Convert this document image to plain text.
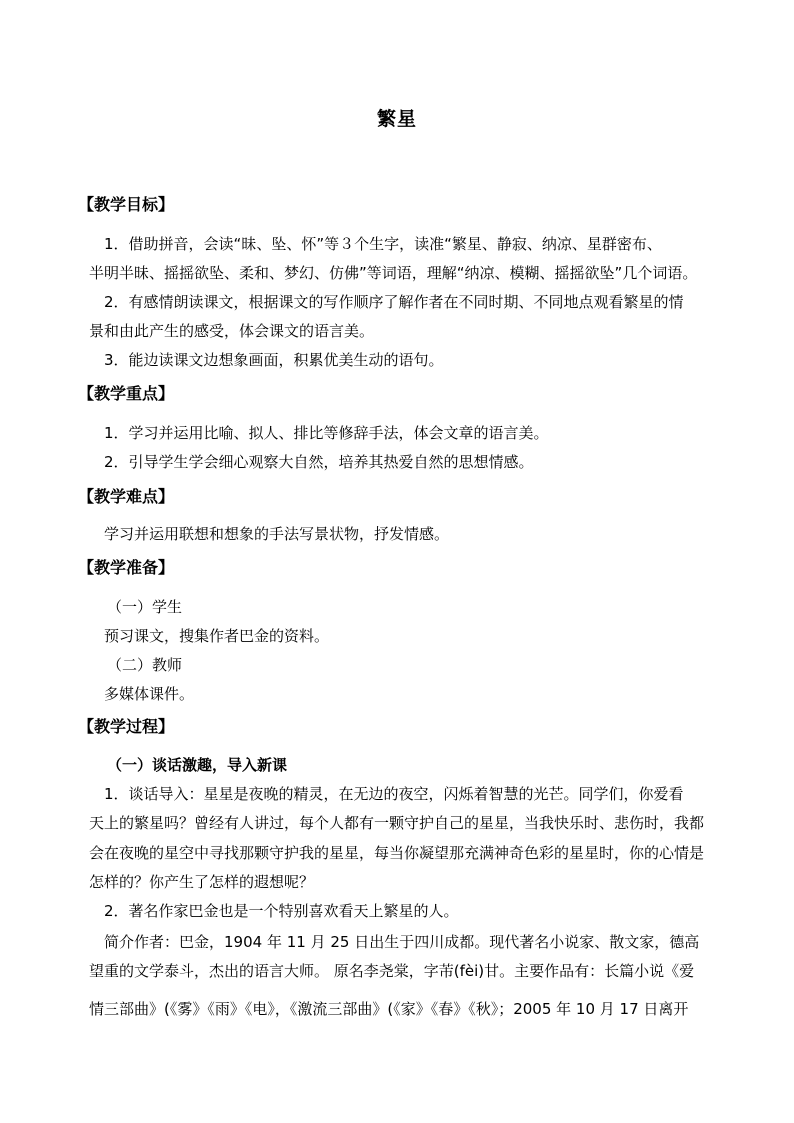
繁星
【教学目标】
1．借助拼音，会读“昧、坠、怀”等３个生字，读准“繁星、静寂、纳凉、星群密布、
半明半昧、摇摇欲坠、柔和、梦幻、仿佛”等词语，理解“纳凉、模糊、摇摇欲坠”几个词语。
2．有感情朗读课文，根据课文的写作顺序了解作者在不同时期、不同地点观看繁星的情
景和由此产生的感受，体会课文的语言美。
3．能边读课文边想象画面，积累优美生动的语句。
【教学重点】
1．学习并运用比喻、拟人、排比等修辞手法，体会文章的语言美。
2．引导学生学会细心观察大自然，培养其热爱自然的思想情感。
【教学难点】
学习并运用联想和想象的手法写景状物，抒发情感。
【教学准备】
（一）学生
预习课文，搜集作者巴金的资料。
（二）教师
多媒体课件。
【教学过程】
（一）谈话激趣，导入新课
1．谈话导入：星星是夜晚的精灵，在无边的夜空，闪烁着智慧的光芒。同学们，你爱看
天上的繁星吗？曾经有人讲过，每个人都有一颗守护自己的星星，当我快乐时、悲伤时，我都
会在夜晚的星空中寻找那颗守护我的星星，每当你凝望那充满神奇色彩的星星时，你的心情是
怎样的？你产生了怎样的遐想呢？
2．著名作家巴金也是一个特别喜欢看天上繁星的人。
简介作者：巴金，1904 年 11 月 25 日出生于四川成都。现代著名小说家、散文家，德高
望重的文学泰斗，杰出的语言大师。 原名李尧棠，字芾(fèi)甘。主要作品有：长篇小说《爱
情三部曲》(《雾》《雨》《电》，《激流三部曲》(《家》《春》《秋》；2005 年 10 月 17 日离开
